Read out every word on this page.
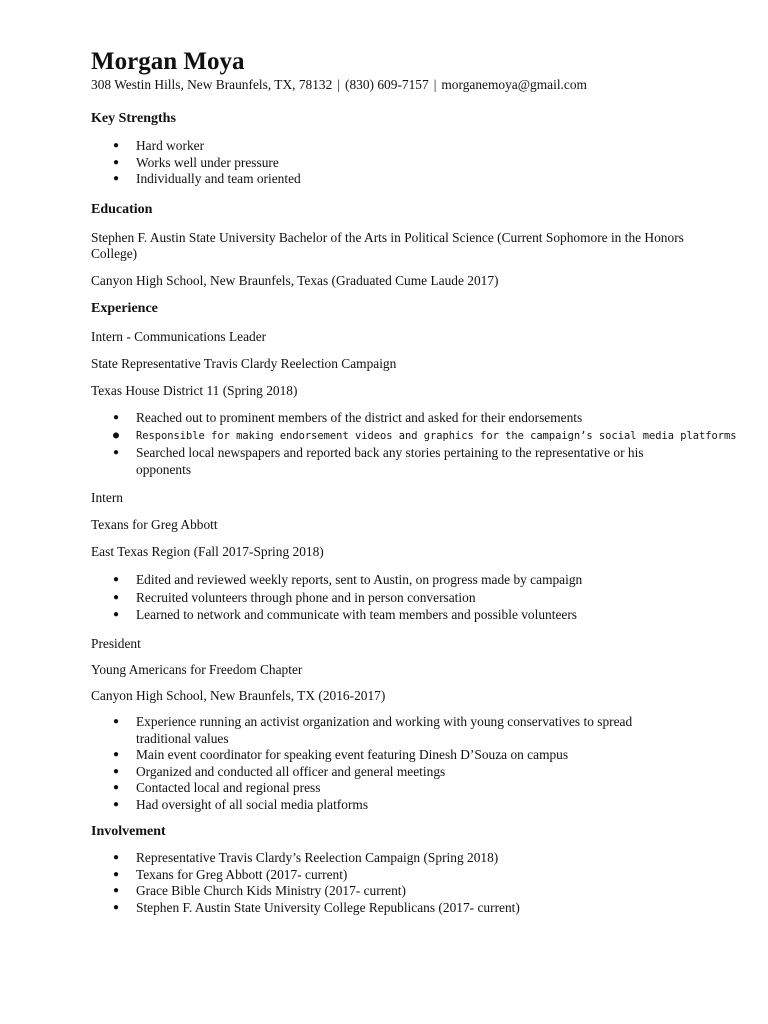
Morgan Moya

308 Westin Hills, New Braunfels, TX, 78132 | (830) 609-7157 | morganemoya@gmail.com

Key Strengths

● Hard worker
● Works well under pressure
● Individually and team oriented

Education

Stephen F. Austin State University Bachelor of the Arts in Political Science (Current Sophomore in the Honors

College)

Canyon High School, New Braunfels, Texas (Graduated Cume Laude 2017)

Experience

Intern - Communications Leader

State Representative Travis Clardy Reelection Campaign

Texas House District 11 (Spring 2018)

● Reached out to prominent members of the district and asked for their endorsements
● Responsible for making endorsement videos and graphics for the campaign’s social media platforms
● Searched local newspapers and reported back any stories pertaining to the representative or his
opponents

Intern

Texans for Greg Abbott

East Texas Region (Fall 2017-Spring 2018)

● Edited and reviewed weekly reports, sent to Austin, on progress made by campaign
● Recruited volunteers through phone and in person conversation
● Learned to network and communicate with team members and possible volunteers

President

Young Americans for Freedom Chapter

Canyon High School, New Braunfels, TX (2016-2017)

● Experience running an activist organization and working with young conservatives to spread
traditional values
● Main event coordinator for speaking event featuring Dinesh D’Souza on campus
● Organized and conducted all officer and general meetings
● Contacted local and regional press
● Had oversight of all social media platforms

Involvement

● Representative Travis Clardy’s Reelection Campaign (Spring 2018)
● Texans for Greg Abbott (2017- current)
● Grace Bible Church Kids Ministry (2017- current)
● Stephen F. Austin State University College Republicans (2017- current)
